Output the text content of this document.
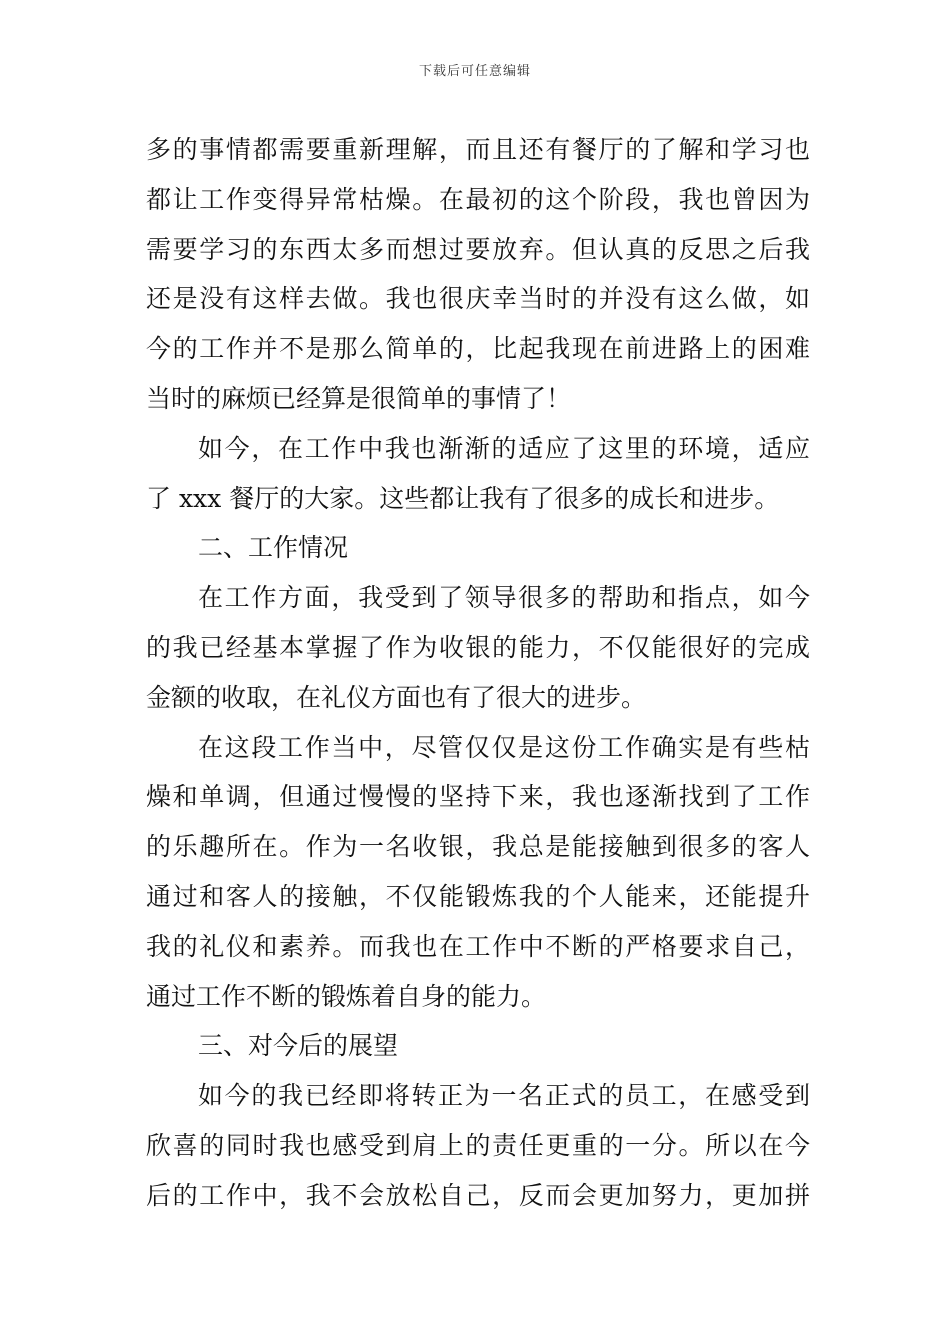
下载后可任意编辑
多的事情都需要重新理解，而且还有餐厅的了解和学习也
都让工作变得异常枯燥。在最初的这个阶段，我也曾因为
需要学习的东西太多而想过要放弃。但认真的反思之后我
还是没有这样去做。我也很庆幸当时的并没有这么做，如
今的工作并不是那么简单的，比起我现在前进路上的困难
当时的麻烦已经算是很简单的事情了！
如今，在工作中我也渐渐的适应了这里的环境，适应
了 xxx 餐厅的大家。这些都让我有了很多的成长和进步。
二、工作情况
在工作方面，我受到了领导很多的帮助和指点，如今
的我已经基本掌握了作为收银的能力，不仅能很好的完成
金额的收取，在礼仪方面也有了很大的进步。
在这段工作当中，尽管仅仅是这份工作确实是有些枯
燥和单调，但通过慢慢的坚持下来，我也逐渐找到了工作
的乐趣所在。作为一名收银，我总是能接触到很多的客人
通过和客人的接触，不仅能锻炼我的个人能来，还能提升
我的礼仪和素养。而我也在工作中不断的严格要求自己，
通过工作不断的锻炼着自身的能力。
三、对今后的展望
如今的我已经即将转正为一名正式的员工，在感受到
欣喜的同时我也感受到肩上的责任更重的一分。所以在今
后的工作中，我不会放松自己，反而会更加努力，更加拼
